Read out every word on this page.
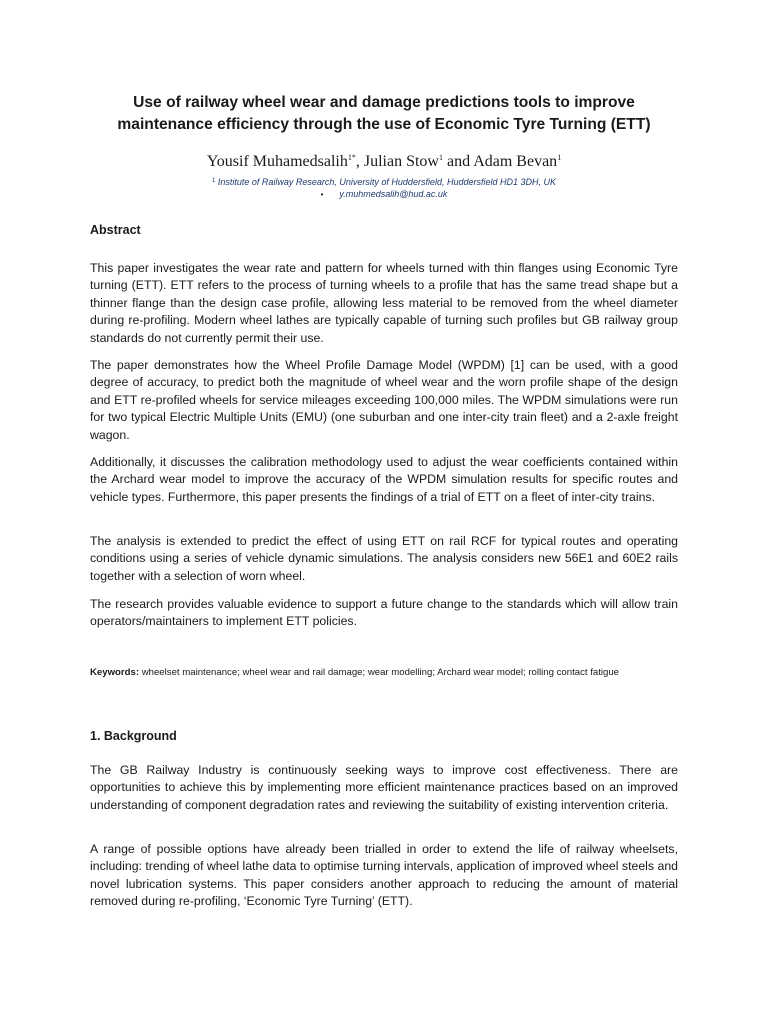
Use of railway wheel wear and damage predictions tools to improve maintenance efficiency through the use of Economic Tyre Turning (ETT)
Yousif Muhamedsalih$^{1*}$, Julian Stow$^1$ and Adam Bevan$^1$
$^1$ Institute of Railway Research, University of Huddersfield, Huddersfield HD1 3DH, UK
• y.muhmedsalih@hud.ac.uk
Abstract

This paper investigates the wear rate and pattern for wheels turned with thin flanges using Economic Tyre turning (ETT). ETT refers to the process of turning wheels to a profile that has the same tread shape but a thinner flange than the design case profile, allowing less material to be removed from the wheel diameter during re-profiling. Modern wheel lathes are typically capable of turning such profiles but GB railway group standards do not currently permit their use.

The paper demonstrates how the Wheel Profile Damage Model (WPDM) [1] can be used, with a good degree of accuracy, to predict both the magnitude of wheel wear and the worn profile shape of the design and ETT re-profiled wheels for service mileages exceeding 100,000 miles. The WPDM simulations were run for two typical Electric Multiple Units (EMU) (one suburban and one inter-city train fleet) and a 2-axle freight wagon.

Additionally, it discusses the calibration methodology used to adjust the wear coefficients contained within the Archard wear model to improve the accuracy of the WPDM simulation results for specific routes and vehicle types. Furthermore, this paper presents the findings of a trial of ETT on a fleet of inter-city trains.

The analysis is extended to predict the effect of using ETT on rail RCF for typical routes and operating conditions using a series of vehicle dynamic simulations. The analysis considers new 56E1 and 60E2 rails together with a selection of worn wheel.

The research provides valuable evidence to support a future change to the standards which will allow train operators/maintainers to implement ETT policies.

Keywords: wheelset maintenance; wheel wear and rail damage; wear modelling; Archard wear model; rolling contact fatigue
1. Background

The GB Railway Industry is continuously seeking ways to improve cost effectiveness. There are opportunities to achieve this by implementing more efficient maintenance practices based on an improved understanding of component degradation rates and reviewing the suitability of existing intervention criteria.

A range of possible options have already been trialled in order to extend the life of railway wheelsets, including: trending of wheel lathe data to optimise turning intervals, application of improved wheel steels and novel lubrication systems. This paper considers another approach to reducing the amount of material removed during re-profiling, ‘Economic Tyre Turning’ (ETT).
